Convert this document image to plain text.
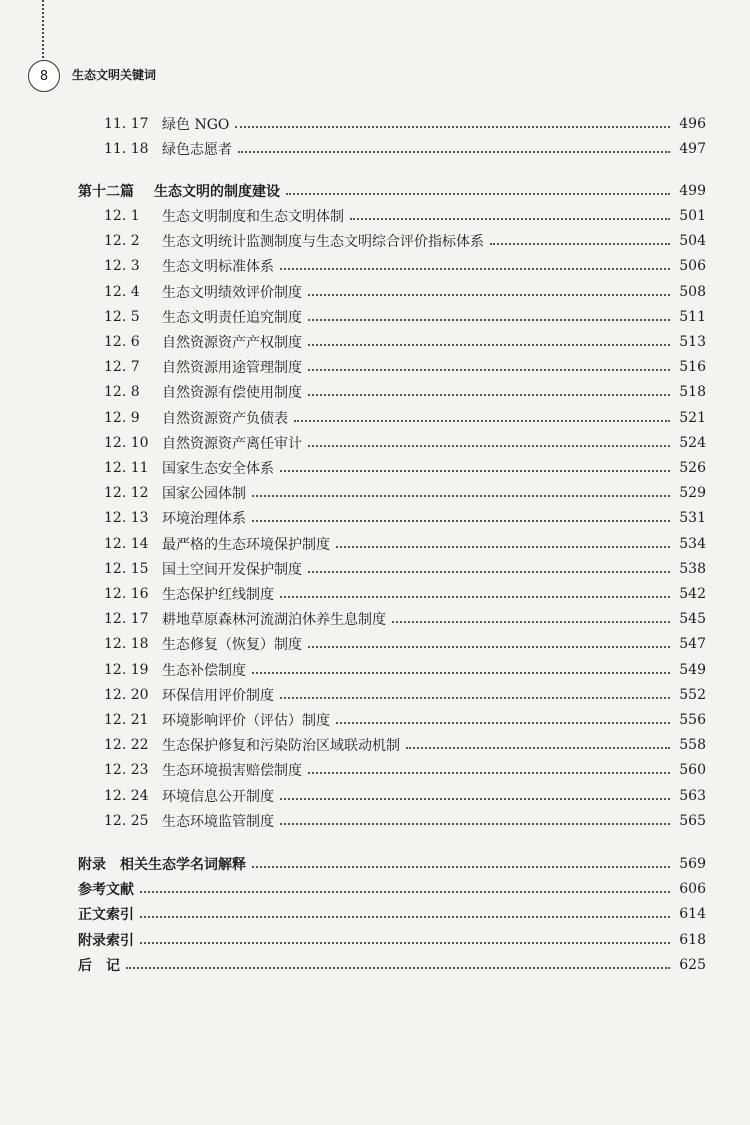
8	生态文明关键词
11. 17 绿色 NGO	496
11. 18 绿色志愿者	497
第十二篇	生态文明的制度建设	499
12. 1	生态文明制度和生态文明体制	501
12. 2	生态文明统计监测制度与生态文明综合评价指标体系	504
12. 3	生态文明标准体系	506
12. 4	生态文明绩效评价制度	508
12. 5	生态文明责任追究制度	511
12. 6	自然资源资产产权制度	513
12. 7	自然资源用途管理制度	516
12. 8	自然资源有偿使用制度	518
12. 9	自然资源资产负债表	521
12. 10 自然资源资产离任审计	524
12. 11 国家生态安全体系	526
12. 12 国家公园体制	529
12. 13 环境治理体系	531
12. 14 最严格的生态环境保护制度	534
12. 15 国土空间开发保护制度	538
12. 16 生态保护红线制度	542
12. 17 耕地草原森林河流湖泊休养生息制度	545
12. 18 生态修复（恢复）制度	547
12. 19 生态补偿制度	549
12. 20 环保信用评价制度	552
12. 21 环境影响评价（评估）制度	556
12. 22 生态保护修复和污染防治区域联动机制	558
12. 23 生态环境损害赔偿制度	560
12. 24 环境信息公开制度	563
12. 25 生态环境监管制度	565
附录	相关生态学名词解释	569
参考文献	606
正文索引	614
附录索引	618
后　记	625
